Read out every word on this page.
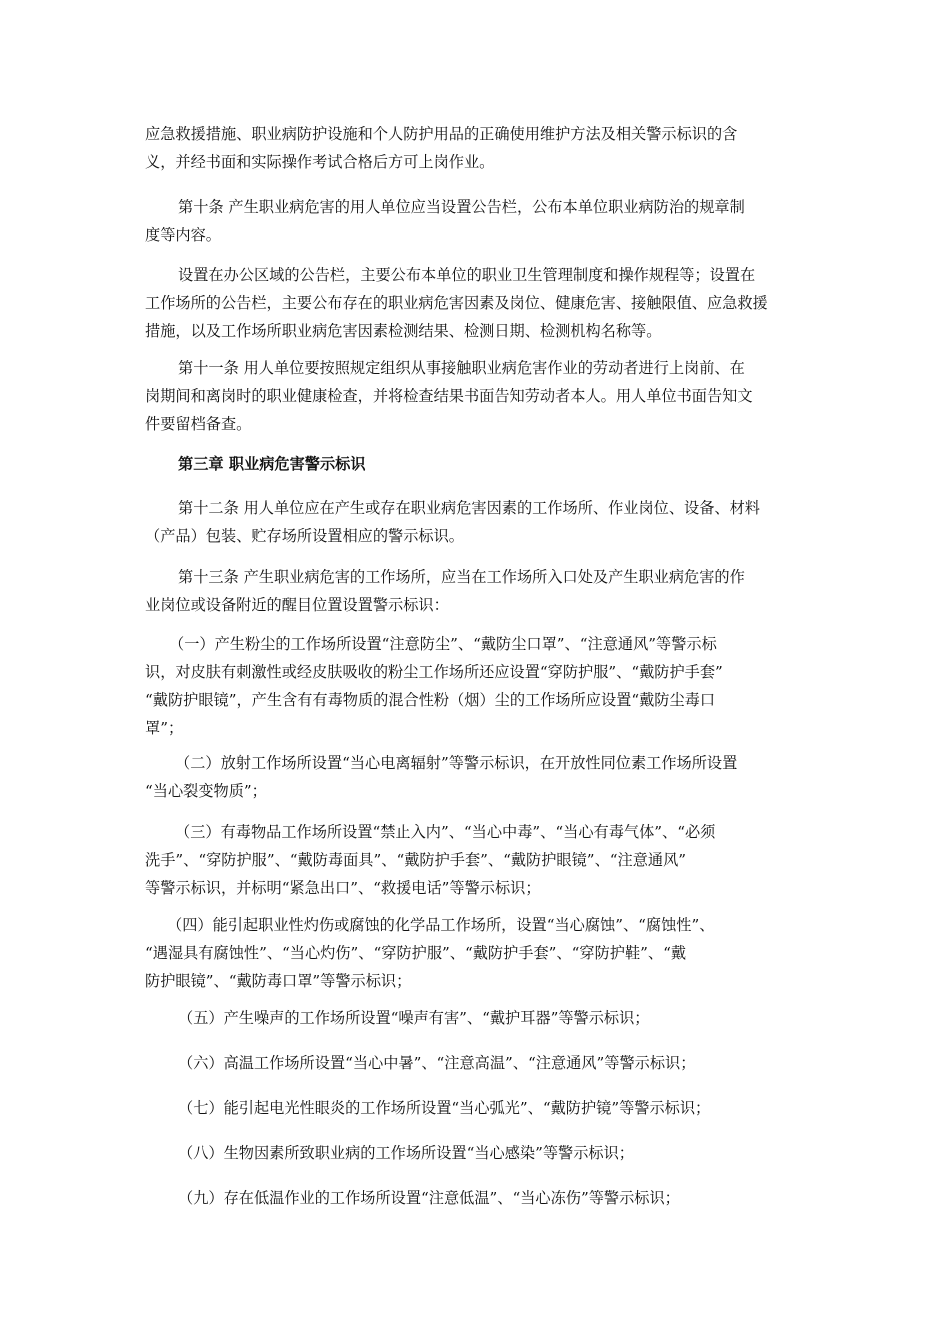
应急救援措施、职业病防护设施和个人防护用品的正确使用维护方法及相关警示标识的含
义，并经书面和实际操作考试合格后方可上岗作业。

第十条 产生职业病危害的用人单位应当设置公告栏，公布本单位职业病防治的规章制
度等内容。

设置在办公区域的公告栏，主要公布本单位的职业卫生管理制度和操作规程等；设置在
工作场所的公告栏，主要公布存在的职业病危害因素及岗位、健康危害、接触限值、应急救援
措施，以及工作场所职业病危害因素检测结果、检测日期、检测机构名称等。

第十一条 用人单位要按照规定组织从事接触职业病危害作业的劳动者进行上岗前、在
岗期间和离岗时的职业健康检查，并将检查结果书面告知劳动者本人。用人单位书面告知文
件要留档备查。

第三章 职业病危害警示标识

第十二条 用人单位应在产生或存在职业病危害因素的工作场所、作业岗位、设备、材料
（产品）包装、贮存场所设置相应的警示标识。

第十三条 产生职业病危害的工作场所，应当在工作场所入口处及产生职业病危害的作
业岗位或设备附近的醒目位置设置警示标识：

（一）产生粉尘的工作场所设置“注意防尘”、“戴防尘口罩”、“注意通风”等警示标
识，对皮肤有刺激性或经皮肤吸收的粉尘工作场所还应设置“穿防护服”、“戴防护手套”
“戴防护眼镜”，产生含有有毒物质的混合性粉（烟）尘的工作场所应设置“戴防尘毒口
罩”；

（二）放射工作场所设置“当心电离辐射”等警示标识，在开放性同位素工作场所设置
“当心裂变物质”；

（三）有毒物品工作场所设置“禁止入内”、“当心中毒”、“当心有毒气体”、“必须
洗手”、“穿防护服”、“戴防毒面具”、“戴防护手套”、“戴防护眼镜”、“注意通风”
等警示标识，并标明“紧急出口”、“救援电话”等警示标识；

（四）能引起职业性灼伤或腐蚀的化学品工作场所，设置“当心腐蚀”、“腐蚀性”、
“遇湿具有腐蚀性”、“当心灼伤”、“穿防护服”、“戴防护手套”、“穿防护鞋”、“戴
防护眼镜”、“戴防毒口罩”等警示标识；

（五）产生噪声的工作场所设置“噪声有害”、“戴护耳器”等警示标识；

（六）高温工作场所设置“当心中暑”、“注意高温”、“注意通风”等警示标识；

（七）能引起电光性眼炎的工作场所设置“当心弧光”、“戴防护镜”等警示标识；

（八）生物因素所致职业病的工作场所设置“当心感染”等警示标识；

（九）存在低温作业的工作场所设置“注意低温”、“当心冻伤”等警示标识；
